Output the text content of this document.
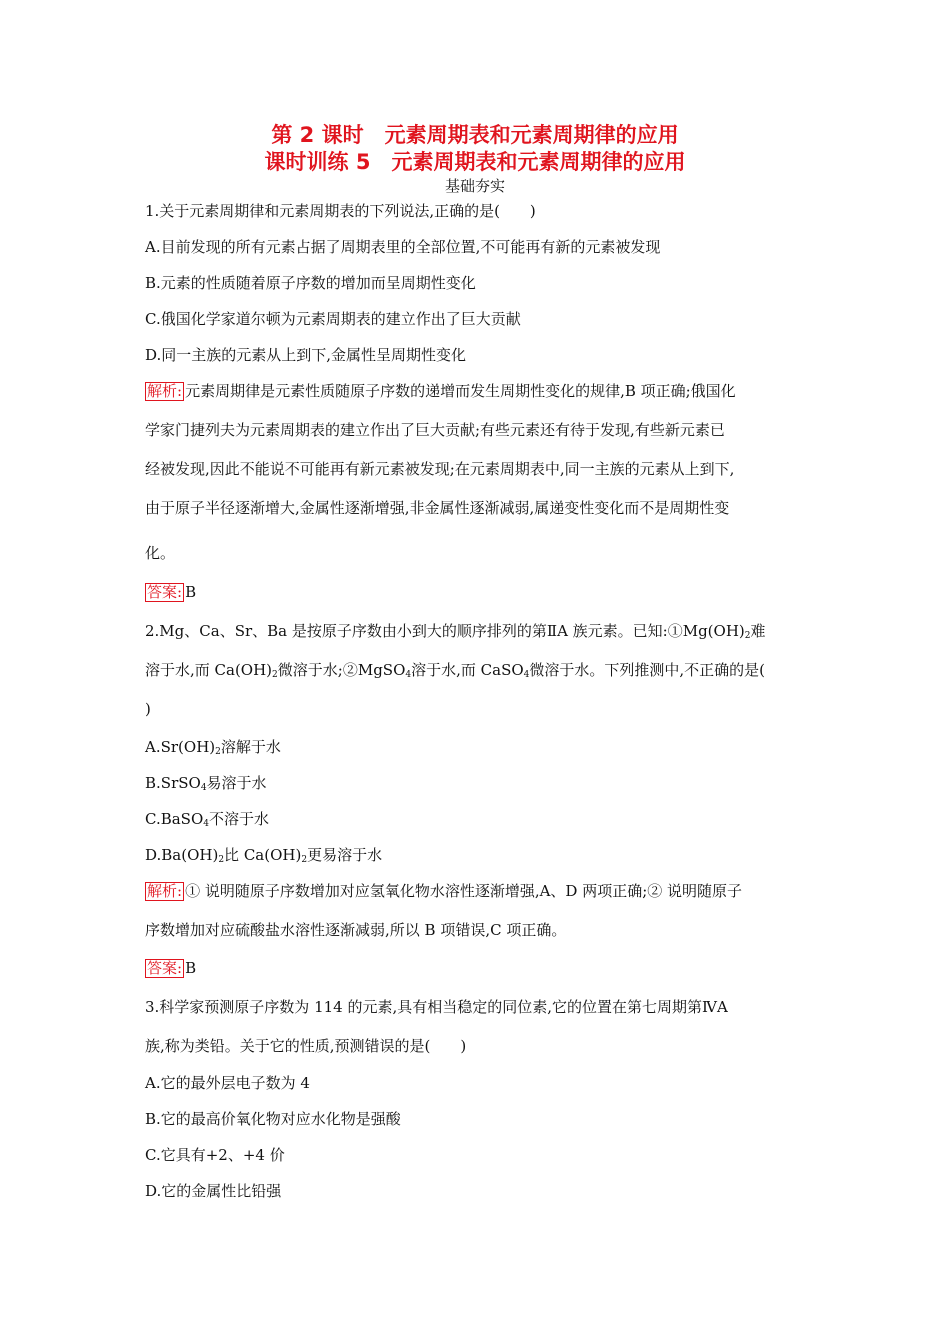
第 2 课时　元素周期表和元素周期律的应用
课时训练 5　元素周期表和元素周期律的应用
基础夯实
1.关于元素周期律和元素周期表的下列说法,正确的是(　　)
A.目前发现的所有元素占据了周期表里的全部位置,不可能再有新的元素被发现
B.元素的性质随着原子序数的增加而呈周期性变化
C.俄国化学家道尔顿为元素周期表的建立作出了巨大贡献
D.同一主族的元素从上到下,金属性呈周期性变化
解析: 元素周期律是元素性质随原子序数的递增而发生周期性变化的规律,B 项正确;俄国化
学家门捷列夫为元素周期表的建立作出了巨大贡献;有些元素还有待于发现,有些新元素已
经被发现,因此不能说不可能再有新元素被发现;在元素周期表中,同一主族的元素从上到下,
由于原子半径逐渐增大,金属性逐渐增强,非金属性逐渐减弱,属递变性变化而不是周期性变
化。
答案: B
2.Mg、Ca、Sr、Ba 是按原子序数由小到大的顺序排列的第ⅡA 族元素。已知$:①Mg(OH)_2$难
溶于水,而 $Ca(OH)_2$微溶于水;②MgSO$_4$溶于水,而 CaSO$_4$微溶于水。下列推测中,不正确的是(
)
$A.Sr(OH)_2$溶解于水
B.SrSO$_4$易溶于水
C.BaSO$_4$不溶于水
$D.Ba(OH)_2$比 $Ca(OH)_2$更易溶于水
解析: ① 说明随原子序数增加对应氢氧化物水溶性逐渐增强,A、D 两项正确;② 说明随原子
序数增加对应硫酸盐水溶性逐渐减弱,所以 B 项错误,C 项正确。
答案: B
3.科学家预测原子序数为 114 的元素,具有相当稳定的同位素,它的位置在第七周期第ⅣA
族,称为类铅。关于它的性质,预测错误的是(　　)
A.它的最外层电子数为 4
B.它的最高价氧化物对应水化物是强酸
C.它具有+2、+4 价
D.它的金属性比铅强
